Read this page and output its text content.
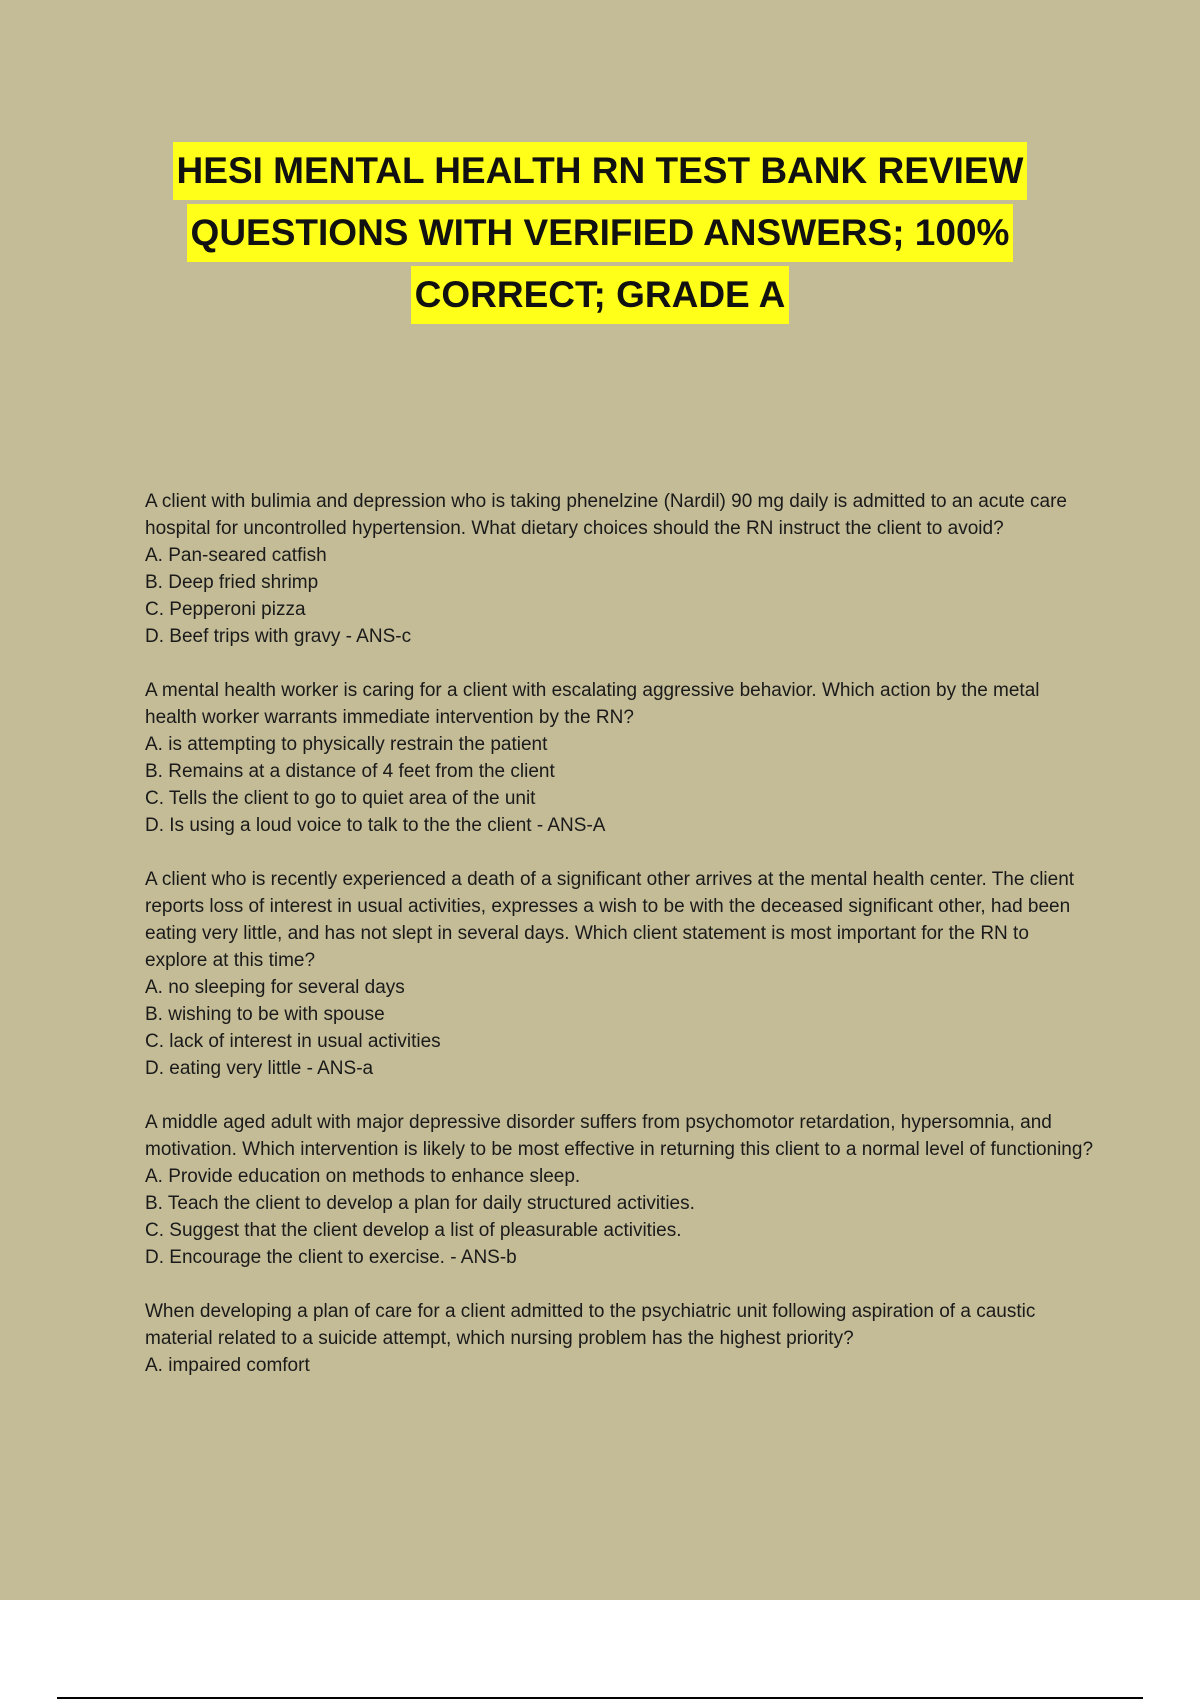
HESI MENTAL HEALTH RN TEST BANK REVIEW
QUESTIONS WITH VERIFIED ANSWERS; 100%
CORRECT; GRADE A

A client with bulimia and depression who is taking phenelzine (Nardil) 90 mg daily is admitted to an acute care hospital for uncontrolled hypertension. What dietary choices should the RN instruct the client to avoid?

A. Pan-seared catfish
B. Deep fried shrimp
C. Pepperoni pizza
D. Beef trips with gravy - ANS-c

A mental health worker is caring for a client with escalating aggressive behavior. Which action by the metal health worker warrants immediate intervention by the RN?

A. is attempting to physically restrain the patient
B. Remains at a distance of 4 feet from the client
C. Tells the client to go to quiet area of the unit
D. Is using a loud voice to talk to the the client - ANS-A

A client who is recently experienced a death of a significant other arrives at the mental health center. The client reports loss of interest in usual activities, expresses a wish to be with the deceased significant other, had been eating very little, and has not slept in several days. Which client statement is most important for the RN to explore at this time?

A. no sleeping for several days
B. wishing to be with spouse
C. lack of interest in usual activities
D. eating very little - ANS-a

A middle aged adult with major depressive disorder suffers from psychomotor retardation, hypersomnia, and motivation. Which intervention is likely to be most effective in returning this client to a normal level of functioning?

A. Provide education on methods to enhance sleep.
B. Teach the client to develop a plan for daily structured activities.
C. Suggest that the client develop a list of pleasurable activities.
D. Encourage the client to exercise. - ANS-b

When developing a plan of care for a client admitted to the psychiatric unit following aspiration of a caustic material related to a suicide attempt, which nursing problem has the highest priority?

A. impaired comfort
